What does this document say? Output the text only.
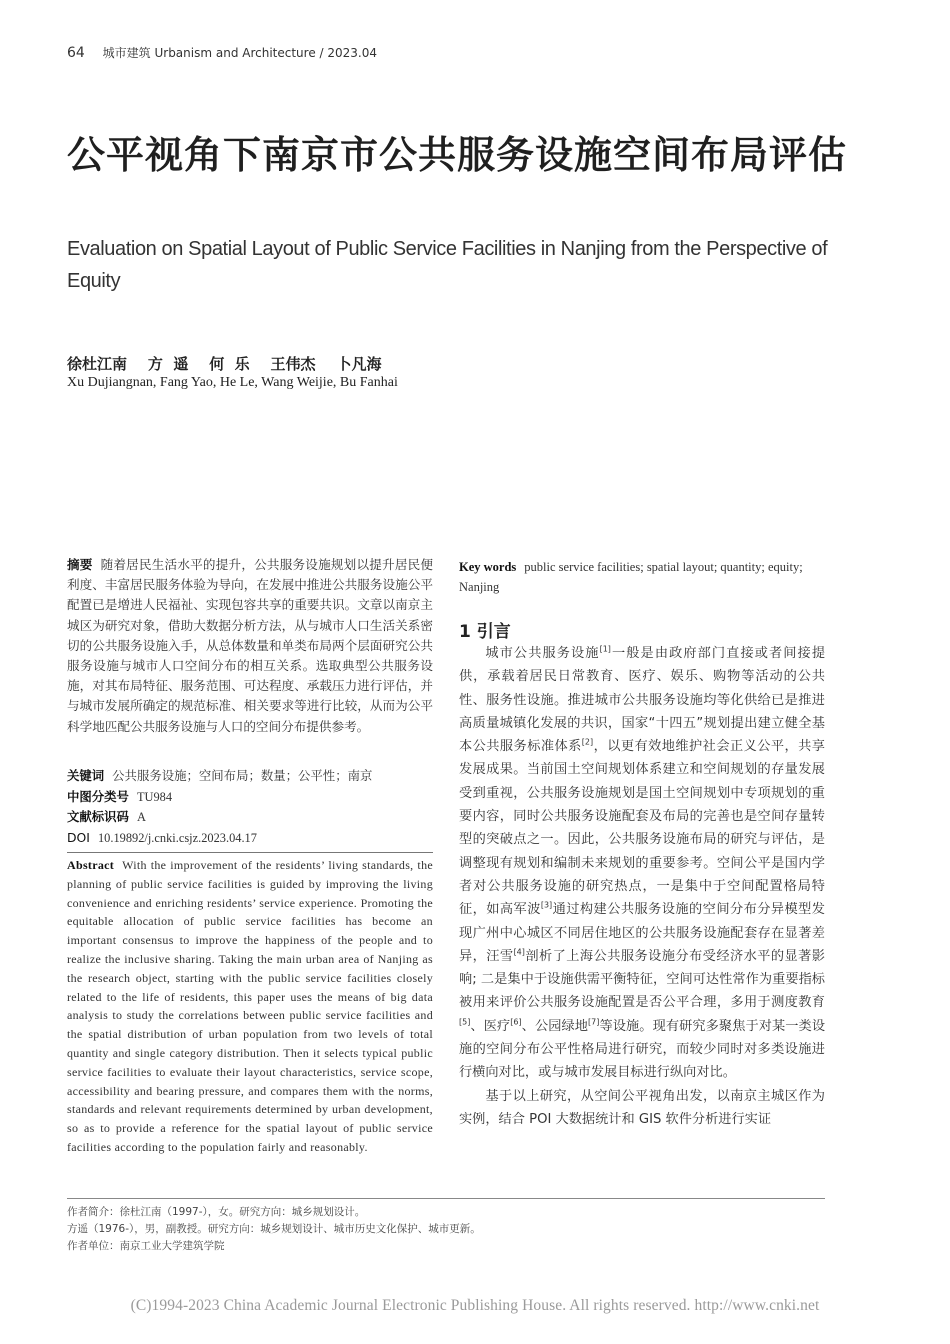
64 城市建筑 Urbanism and Architecture / 2023.04
公平视角下南京市公共服务设施空间布局评估
Evaluation on Spatial Layout of Public Service Facilities in Nanjing from the Perspective of Equity
徐杜江南    方  遥    何  乐    王伟杰    卜凡海
Xu Dujiangnan, Fang Yao, He Le, Wang Weijie, Bu Fanhai
摘要 随着居民生活水平的提升，公共服务设施规划以提升居民便利度、丰富居民服务体验为导向，在发展中推进公共服务设施公平配置已是增进人民福祉、实现包容共享的重要共识。文章以南京主城区为研究对象，借助大数据分析方法，从与城市人口生活关系密切的公共服务设施入手，从总体数量和单类布局两个层面研究公共服务设施与城市人口空间分布的相互关系。选取典型公共服务设施，对其布局特征、服务范围、可达程度、承载压力进行评估，并与城市发展所确定的规范标准、相关要求等进行比较，从而为公平科学地匹配公共服务设施与人口的空间分布提供参考。
关键词 公共服务设施；空间布局；数量；公平性；南京
中图分类号 TU984
文献标识码 A
DOI 10.19892/j.cnki.csjz.2023.04.17
Abstract With the improvement of the residents’ living standards, the planning of public service facilities is guided by improving the living convenience and enriching residents’ service experience. Promoting the equitable allocation of public service facilities has become an important consensus to improve the happiness of the people and to realize the inclusive sharing. Taking the main urban area of Nanjing as the research object, starting with the public service facilities closely related to the life of residents, this paper uses the means of big data analysis to study the correlations between public service facilities and the spatial distribution of urban population from two levels of total quantity and single category distribution. Then it selects typical public service facilities to evaluate their layout characteristics, service scope, accessibility and bearing pressure, and compares them with the norms, standards and relevant requirements determined by urban development, so as to provide a reference for the spatial layout of public service facilities according to the population fairly and reasonably.
Key words public service facilities; spatial layout; quantity; equity; Nanjing
1 引言

城市公共服务设施[1]一般是由政府部门直接或者间接提供，承载着居民日常教育、医疗、娱乐、购物等活动的公共性、服务性设施。推进城市公共服务设施均等化供给已是推进高质量城镇化发展的共识，国家“十四五”规划提出建立健全基本公共服务标准体系[2]，以更有效地维护社会正义公平，共享发展成果。当前国土空间规划体系建立和空间规划的存量发展受到重视，公共服务设施规划是国土空间规划中专项规划的重要内容，同时公共服务设施配套及布局的完善也是空间存量转型的突破点之一。因此，公共服务设施布局的研究与评估，是调整现有规划和编制未来规划的重要参考。空间公平是国内学者对公共服务设施的研究热点，一是集中于空间配置格局特征，如高军波[3]通过构建公共服务设施的空间分布分异模型发现广州中心城区不同居住地区的公共服务设施配套存在显著差异，汪雪[4]剖析了上海公共服务设施分布受经济水平的显著影响; 二是集中于设施供需平衡特征，空间可达性常作为重要指标被用来评价公共服务设施配置是否公平合理，多用于测度教育[5]、医疗[6]、公园绿地[7]等设施。现有研究多聚焦于对某一类设施的空间分布公平性格局进行研究，而较少同时对多类设施进行横向对比，或与城市发展目标进行纵向对比。

基于以上研究，从空间公平视角出发，以南京主城区作为实例，结合 POI 大数据统计和 GIS 软件分析进行实证

作者简介：徐杜江南（1997-），女。研究方向：城乡规划设计。
方遥（1976-），男，副教授。研究方向：城乡规划设计、城市历史文化保护、城市更新。
作者单位：南京工业大学建筑学院
(C)1994-2023 China Academic Journal Electronic Publishing House. All rights reserved. http://www.cnki.net
